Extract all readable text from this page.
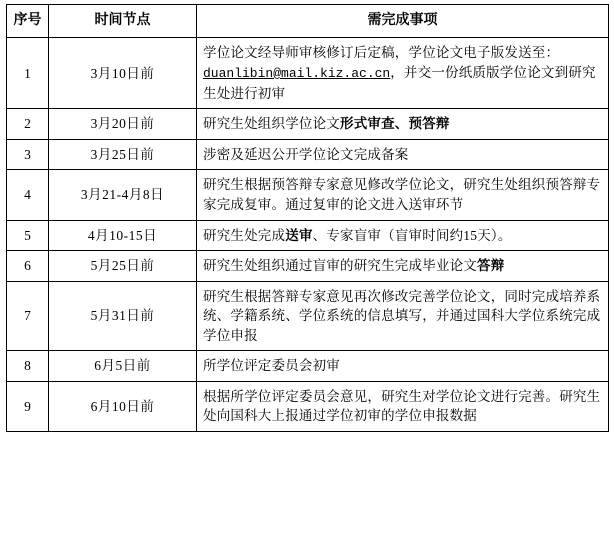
序号	时间节点	需完成事项
1	3月10日前	学位论文经导师审核修订后定稿，学位论文电子版发送至：duanlibin@mail.kiz.ac.cn，并交一份纸质版学位论文到研究生处进行初审
2	3月20日前	研究生处组织学位论文形式审查、预答辩
3	3月25日前	涉密及延迟公开学位论文完成备案
4	3月21-4月8日	研究生根据预答辩专家意见修改学位论文，研究生处组织预答辩专家完成复审。通过复审的论文进入送审环节
5	4月10-15日	研究生处完成送审、专家盲审（盲审时间约15天）。
6	5月25日前	研究生处组织通过盲审的研究生完成毕业论文答辩
7	5月31日前	研究生根据答辩专家意见再次修改完善学位论文，同时完成培养系统、学籍系统、学位系统的信息填写，并通过国科大学位系统完成学位申报
8	6月5日前	所学位评定委员会初审
9	6月10日前	根据所学位评定委员会意见，研究生对学位论文进行完善。研究生处向国科大上报通过学位初审的学位申报数据
